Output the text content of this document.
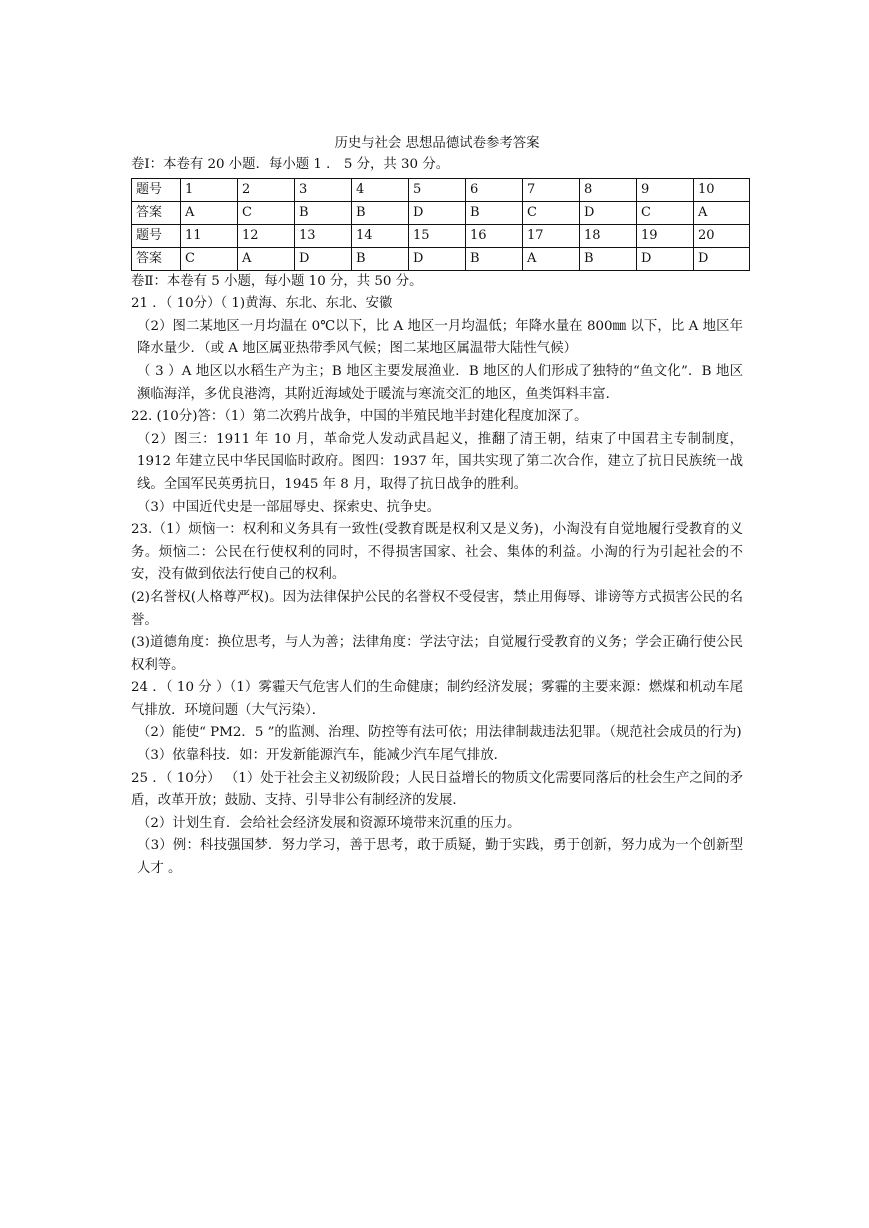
历史与社会 思想品德试卷参考答案
卷Ⅰ：本卷有 20 小题．每小题 1 ． 5 分，共 30 分。
题号	1	2	3	4	5	6	7	8	9	10
答案	A	C	B	B	D	B	C	D	C	A
题号	11	12	13	14	15	16	17	18	19	20
答案	C	A	D	B	D	B	A	B	D	D
卷Ⅱ：本卷有 5 小题，每小题 10 分，共 50 分。
21 ．（ 10分）（ 1)黄海、东北、东北、安徽
（2）图二某地区一月均温在 0℃以下，比 A 地区一月均温低；年降水量在 800㎜ 以下，比 A 地区年降水量少．（或 A 地区属亚热带季风气候；图二某地区属温带大陆性气候）
（ 3 ）A 地区以水稻生产为主；B 地区主要发展渔业．B 地区的人们形成了独特的“鱼文化”．B 地区濒临海洋，多优良港湾，其附近海域处于暖流与寒流交汇的地区，鱼类饵料丰富．
22. (10分)答：（1）第二次鸦片战争，中国的半殖民地半封建化程度加深了。
（2）图三：1911 年 10 月，革命党人发动武昌起义，推翻了清王朝，结束了中国君主专制制度，1912 年建立民中华民国临时政府。图四：1937 年，国共实现了第二次合作，建立了抗日民族统一战线。全国军民英勇抗日，1945 年 8 月，取得了抗日战争的胜利。
（3）中国近代史是一部屈辱史、探索史、抗争史。
23.（1）烦恼一：权利和义务具有一致性(受教育既是权利又是义务)，小淘没有自觉地履行受教育的义务。烦恼二：公民在行使权利的同时，不得损害国家、社会、集体的利益。小淘的行为引起社会的不安，没有做到依法行使自己的权利。
(2)名誉权(人格尊严权)。因为法律保护公民的名誉权不受侵害，禁止用侮辱、诽谤等方式损害公民的名誉。
(3)道德角度：换位思考，与人为善；法律角度：学法守法；自觉履行受教育的义务；学会正确行使公民权利等。
24 ．（ 10 分 ）（1）雾霾天气危害人们的生命健康；制约经济发展；雾霾的主要来源：燃煤和机动车尾气排放．环境问题（大气污染）．
（2）能使“ PM2．5 ”的监测、治理、防控等有法可依；用法律制裁违法犯罪。（规范社会成员的行为)
（3）依靠科技．如：开发新能源汽车，能减少汽车尾气排放．
25 ．（ 10分） （1）处于社会主义初级阶段；人民日益增长的物质文化需要同落后的杜会生产之间的矛盾，改革开放；鼓励、支持、引导非公有制经济的发展．
（2）计划生育．会给社会经济发展和资源环境带来沉重的压力。
（3）例：科技强国梦．努力学习，善于思考，敢于质疑，勤于实践，勇于创新，努力成为一个创新型人才 。
